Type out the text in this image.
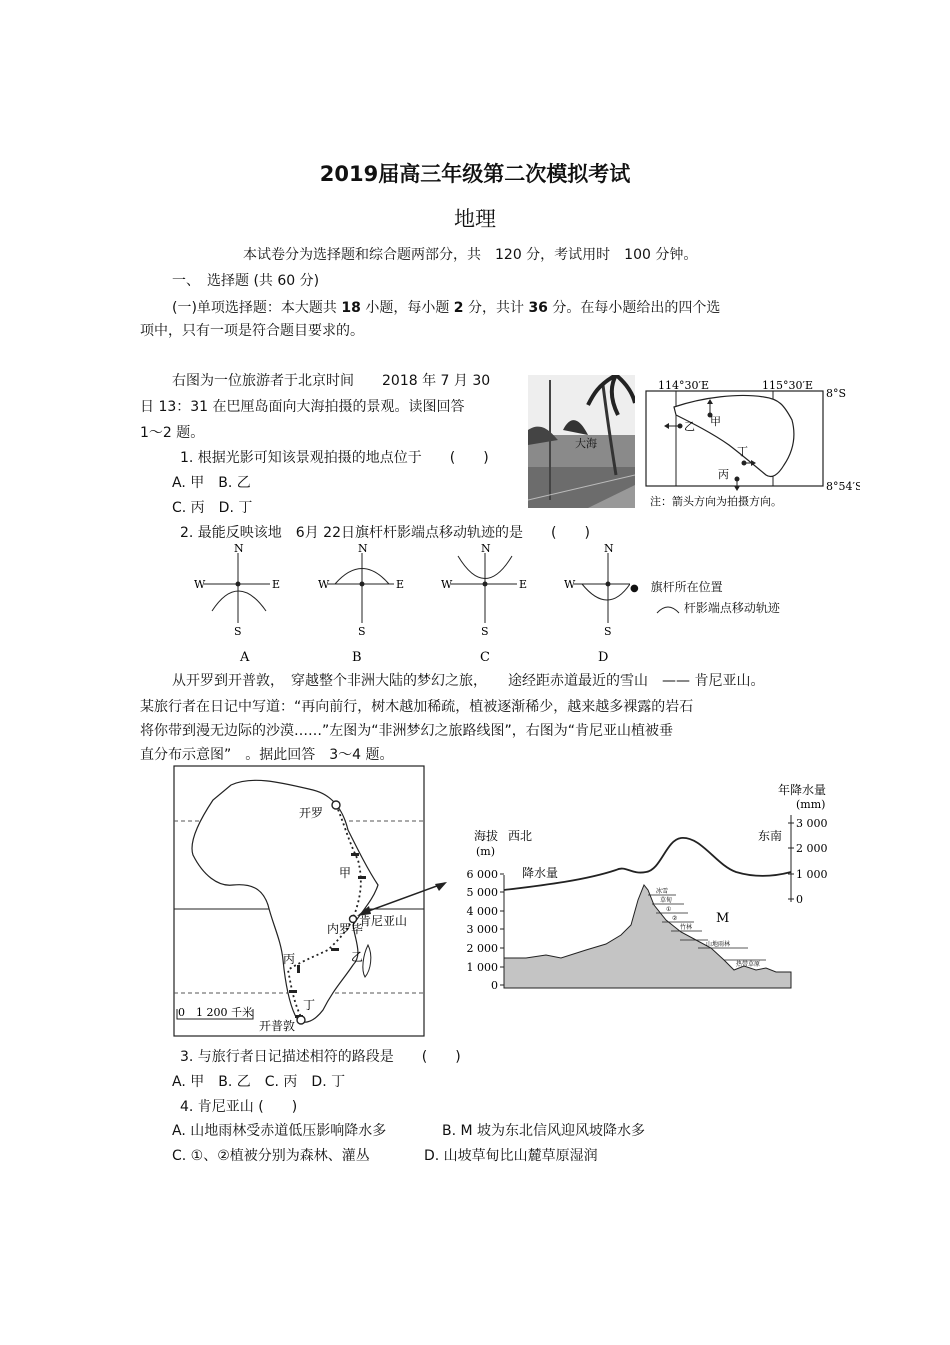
2019届高三年级第二次模拟考试
地理
本试卷分为选择题和综合题两部分，共　120 分，考试用时　100 分钟。
一、　选择题 (共 60 分)
(一)单项选择题：本大题共 18 小题，每小题 2 分，共计 36 分。在每小题给出的四个选
项中，只有一项是符合题目要求的。
右图为一位旅游者于北京时间　　2018 年 7 月 30
日 13：31 在巴厘岛面向大海拍摄的景观。读图回答
1～2 题。
1. 根据光影可知该景观拍摄的地点位于　　(　　)
A. 甲　B. 乙
C. 丙　D. 丁
2. 最能反映该地　6月 22日旗杆杆影端点移动轨迹的是　　(　　)
大海
114°30′E	115°30′E
8°S
8°54′S
甲
乙
丁
丙
注：箭头方向为拍摄方向。
N
S
W	E
A
N
S
W	E
B
N
S
W	E
C
N
S
W
D
● 旗杆所在位置
杆影端点移动轨迹
从开罗到开普敦，　穿越整个非洲大陆的梦幻之旅，　　途经距赤道最近的雪山　—— 肯尼亚山。
某旅行者在日记中写道：“再向前行，树木越加稀疏，植被逐渐稀少，越来越多裸露的岩石
将你带到漫无边际的沙漠……”左图为“非洲梦幻之旅路线图”，右图为“肯尼亚山植被垂
直分布示意图”　。据此回答　3～4 题。
开罗
甲
肯尼亚山
内罗毕
乙
丙
丁
开普敦
0　1 200 千米
海拔
(m)
西北	东南
年降水量
(mm)
6 000
5 000
4 000
3 000
2 000
1 000
0
3 000
2 000
1 000
0
降水量
冰雪
草甸
①
②
竹林
山地雨林
热带草原
M
3. 与旅行者日记描述相符的路段是　　(　　)
A. 甲　B. 乙　C. 丙　D. 丁
4. 肯尼亚山 (　　)
A. 山地雨林受赤道低压影响降水多	B. M 坡为东北信风迎风坡降水多
C. ①、②植被分别为森林、灌丛	D. 山坡草甸比山麓草原湿润
